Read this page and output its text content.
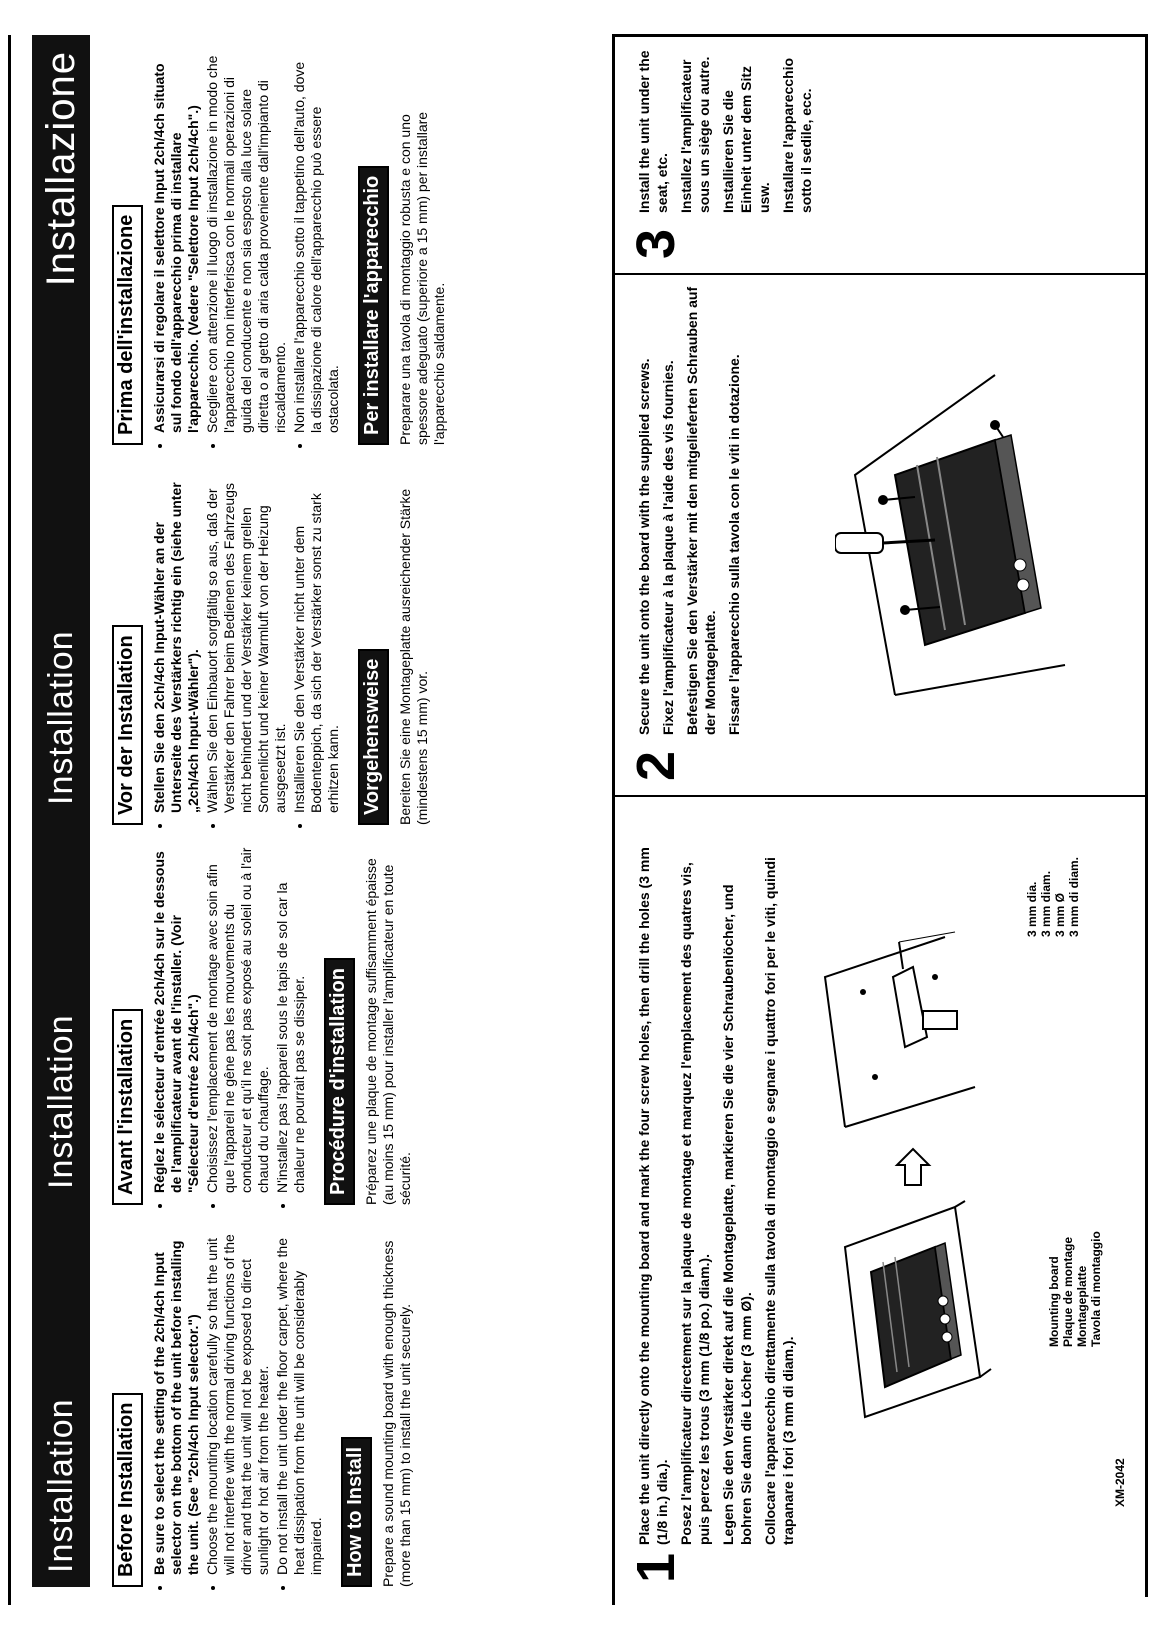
Installation
Installation
Installation
Installazione
Before Installation • Be sure to select the setting of the 2ch/4ch Input selector on the bottom of the unit before installing the unit. (See "2ch/4ch Input selector.") • Choose the mounting location carefully so that the unit will not interfere with the normal driving functions of the driver and that the unit will not be exposed to direct sunlight or hot air from the heater. • Do not install the unit under the floor carpet, where the heat dissipation from the unit will be considerably impaired. How to Install Prepare a sound mounting board with enough thickness (more than 15 mm) to install the unit securely.
Avant l'installation • Réglez le sélecteur d'entrée 2ch/4ch sur le dessous de l'amplificateur avant de l'installer. (Voir "Sélecteur d'entrée 2ch/4ch".) • Choisissez l'emplacement de montage avec soin afin que l'appareil ne gêne pas les mouvements du conducteur et qu'il ne soit pas exposé au soleil ou à l'air chaud du chauffage. • N'installez pas l'appareil sous le tapis de sol car la chaleur ne pourrait pas se dissiper. Procédure d'installation Préparez une plaque de montage suffisamment épaisse (au moins 15 mm) pour installer l'amplificateur en toute sécurité.
Vor der Installation • Stellen Sie den 2ch/4ch Input-Wähler an der Unterseite des Verstärkers richtig ein (siehe unter „2ch/4ch Input-Wähler"). • Wählen Sie den Einbauort sorgfältig so aus, daß der Verstärker den Fahrer beim Bedienen des Fahrzeugs nicht behindert und der Verstärker keinem grellen Sonnenlicht und keiner Warmluft von der Heizung ausgesetzt ist. • Installieren Sie den Verstärker nicht unter dem Bodenteppich, da sich der Verstärker sonst zu stark erhitzen kann. Vorgehensweise Bereiten Sie eine Montageplatte ausreichender Stärke (mindestens 15 mm) vor.
Prima dell'installazione • Assicurarsi di regolare il selettore Input 2ch/4ch situato sul fondo dell'apparecchio prima di installare l'apparecchio. (Vedere "Selettore Input 2ch/4ch".) • Scegliere con attenzione il luogo di installazione in modo che l'apparecchio non interferisca con le normali operazioni di guida del conducente e non sia esposto alla luce solare diretta o al getto di aria calda proveniente dall'impianto di riscaldamento. • Non installare l'apparecchio sotto il tappetino dell'auto, dove la dissipazione di calore dell'apparecchio può essere ostacolata. Per installare l'apparecchio Preparare una tavola di montaggio robusta e con uno spessore adeguato (superiore a 15 mm) per installare l'apparecchio saldamente.
1

Place the unit directly onto the mounting board and mark the four screw holes, then drill the holes (3 mm (1/8 in.) dia.). Posez l'amplificateur directement sur la plaque de montage et marquez l'emplacement des quatres vis, puis percez les trous (3 mm (1/8 po.) diam.). Legen Sie den Verstärker direkt auf die Montageplatte, markieren Sie die vier Schraubenlöcher, und bohren Sie dann die Löcher (3 mm Ø). Collocare l'apparecchio direttamente sulla tavola di montaggio e segnare i quattro fori per le viti, quindi trapanare i fori (3 mm di diam.).

Mounting board Plaque de montage Montageplatte Tavola di montaggio
3 mm dia. 3 mm diam. 3 mm Ø 3 mm di diam.
XM-2042
2

Secure the unit onto the board with the supplied screws. Fixez l'amplificateur à la plaque à l'aide des vis fournies. Befestigen Sie den Verstärker mit den mitgelieferten Schrauben auf der Montageplatte. Fissare l'apparecchio sulla tavola con le viti in dotazione.

3

Install the unit under the seat, etc. Installez l'amplificateur sous un siège ou autre. Installieren Sie die Einheit unter dem Sitz usw. Installare l'apparecchio sotto il sedile, ecc.
